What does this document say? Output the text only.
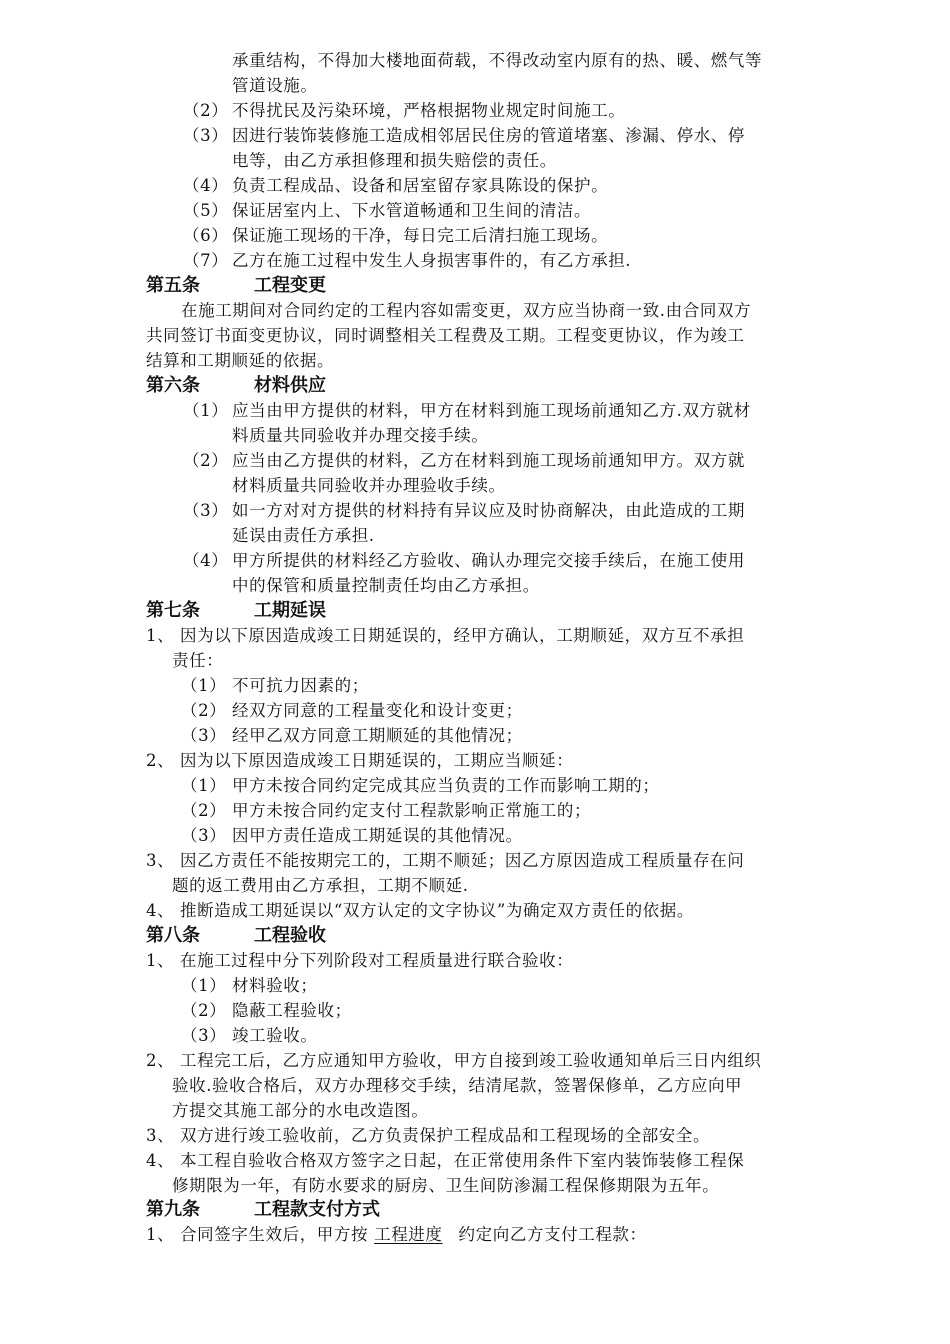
承重结构，不得加大楼地面荷载，不得改动室内原有的热、暖、燃气等
管道设施。
（2） 不得扰民及污染环境，严格根据物业规定时间施工。
（3） 因进行装饰装修施工造成相邻居民住房的管道堵塞、渗漏、停水、停
电等，由乙方承担修理和损失赔偿的责任。
（4） 负责工程成品、设备和居室留存家具陈设的保护。
（5） 保证居室内上、下水管道畅通和卫生间的清洁。
（6） 保证施工现场的干净，每日完工后清扫施工现场。
（7） 乙方在施工过程中发生人身损害事件的，有乙方承担.
第五条	工程变更
在施工期间对合同约定的工程内容如需变更，双方应当协商一致.由合同双方
共同签订书面变更协议，同时调整相关工程费及工期。工程变更协议，作为竣工
结算和工期顺延的依据。
第六条	材料供应
（1） 应当由甲方提供的材料，甲方在材料到施工现场前通知乙方.双方就材
料质量共同验收并办理交接手续。
（2） 应当由乙方提供的材料，乙方在材料到施工现场前通知甲方。双方就
材料质量共同验收并办理验收手续。
（3） 如一方对对方提供的材料持有异议应及时协商解决，由此造成的工期
延误由责任方承担.
（4） 甲方所提供的材料经乙方验收、确认办理完交接手续后，在施工使用
中的保管和质量控制责任均由乙方承担。
第七条	工期延误
1、 因为以下原因造成竣工日期延误的，经甲方确认，工期顺延，双方互不承担
责任：
（1） 不可抗力因素的；
（2） 经双方同意的工程量变化和设计变更；
（3） 经甲乙双方同意工期顺延的其他情况；
2、 因为以下原因造成竣工日期延误的，工期应当顺延：
（1） 甲方未按合同约定完成其应当负责的工作而影响工期的；
（2） 甲方未按合同约定支付工程款影响正常施工的；
（3） 因甲方责任造成工期延误的其他情况。
3、 因乙方责任不能按期完工的，工期不顺延；因乙方原因造成工程质量存在问
题的返工费用由乙方承担，工期不顺延.
4、 推断造成工期延误以“双方认定的文字协议”为确定双方责任的依据。
第八条	工程验收
1、 在施工过程中分下列阶段对工程质量进行联合验收：
（1） 材料验收；
（2） 隐蔽工程验收；
（3） 竣工验收。
2、 工程完工后，乙方应通知甲方验收，甲方自接到竣工验收通知单后三日内组织
验收.验收合格后，双方办理移交手续，结清尾款，签署保修单，乙方应向甲
方提交其施工部分的水电改造图。
3、 双方进行竣工验收前，乙方负责保护工程成品和工程现场的全部安全。
4、 本工程自验收合格双方签字之日起，在正常使用条件下室内装饰装修工程保
修期限为一年，有防水要求的厨房、卫生间防渗漏工程保修期限为五年。
第九条	工程款支付方式
1、 合同签字生效后，甲方按 工程进度 约定向乙方支付工程款：
